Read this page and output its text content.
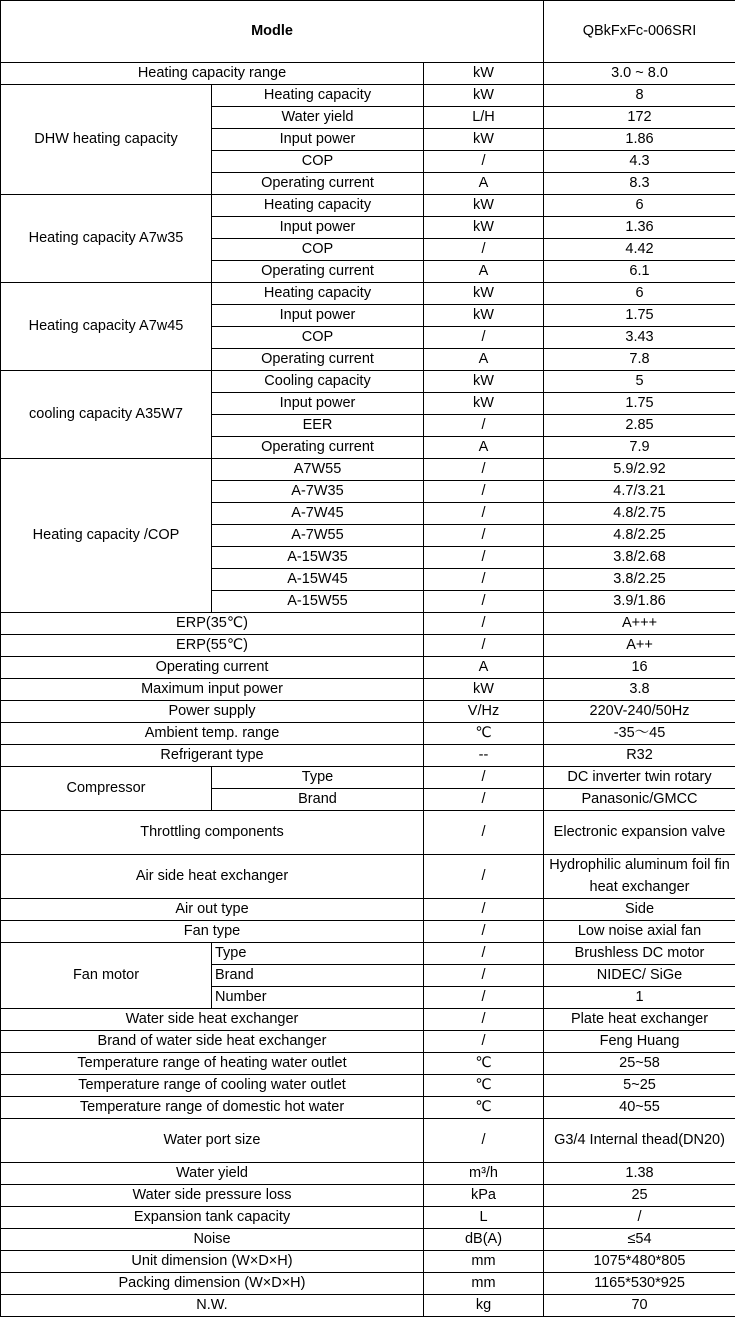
Modle			QBkFxFc-006SRI
Heating capacity range		kW	3.0 ~ 8.0
DHW heating capacity	Heating capacity	kW	8
	Water yield	L/H	172
	Input power	kW	1.86
	COP	/	4.3
	Operating current	A	8.3
Heating capacity A7w35	Heating capacity	kW	6
	Input power	kW	1.36
	COP	/	4.42
	Operating current	A	6.1
Heating capacity A7w45	Heating capacity	kW	6
	Input power	kW	1.75
	COP	/	3.43
	Operating current	A	7.8
cooling capacity A35W7	Cooling capacity	kW	5
	Input power	kW	1.75
	EER	/	2.85
	Operating current	A	7.9
Heating capacity /COP	A7W55	/	5.9/2.92
	A-7W35	/	4.7/3.21
	A-7W45	/	4.8/2.75
	A-7W55	/	4.8/2.25
	A-15W35	/	3.8/2.68
	A-15W45	/	3.8/2.25
	A-15W55	/	3.9/1.86
ERP(35℃)		/	A+++
ERP(55℃)		/	A++
Operating current		A	16
Maximum input power		kW	3.8
Power supply		V/Hz	220V-240/50Hz
Ambient temp. range		℃	-35～45
Refrigerant type		--	R32
Compressor	Type	/	DC inverter twin rotary
	Brand	/	Panasonic/GMCC
Throttling components		/	Electronic expansion valve
Air side heat exchanger		/	Hydrophilic aluminum foil fin heat exchanger
Air out type		/	Side
Fan type		/	Low noise axial fan
Fan motor	Type	/	Brushless DC motor
	Brand	/	NIDEC/ SiGe
	Number	/	1
Water side heat exchanger		/	Plate heat exchanger
Brand of water side heat exchanger		/	Feng Huang
Temperature range of heating water outlet		℃	25~58
Temperature range of cooling water outlet		℃	5~25
Temperature range of domestic hot water		℃	40~55
Water port size		/	G3/4 Internal thead(DN20)
Water yield		m³/h	1.38
Water side pressure loss		kPa	25
Expansion tank capacity		L	/
Noise		dB(A)	≤54
Unit dimension (W×D×H)		mm	1075*480*805
Packing dimension (W×D×H)		mm	1165*530*925
N.W.		kg	70
